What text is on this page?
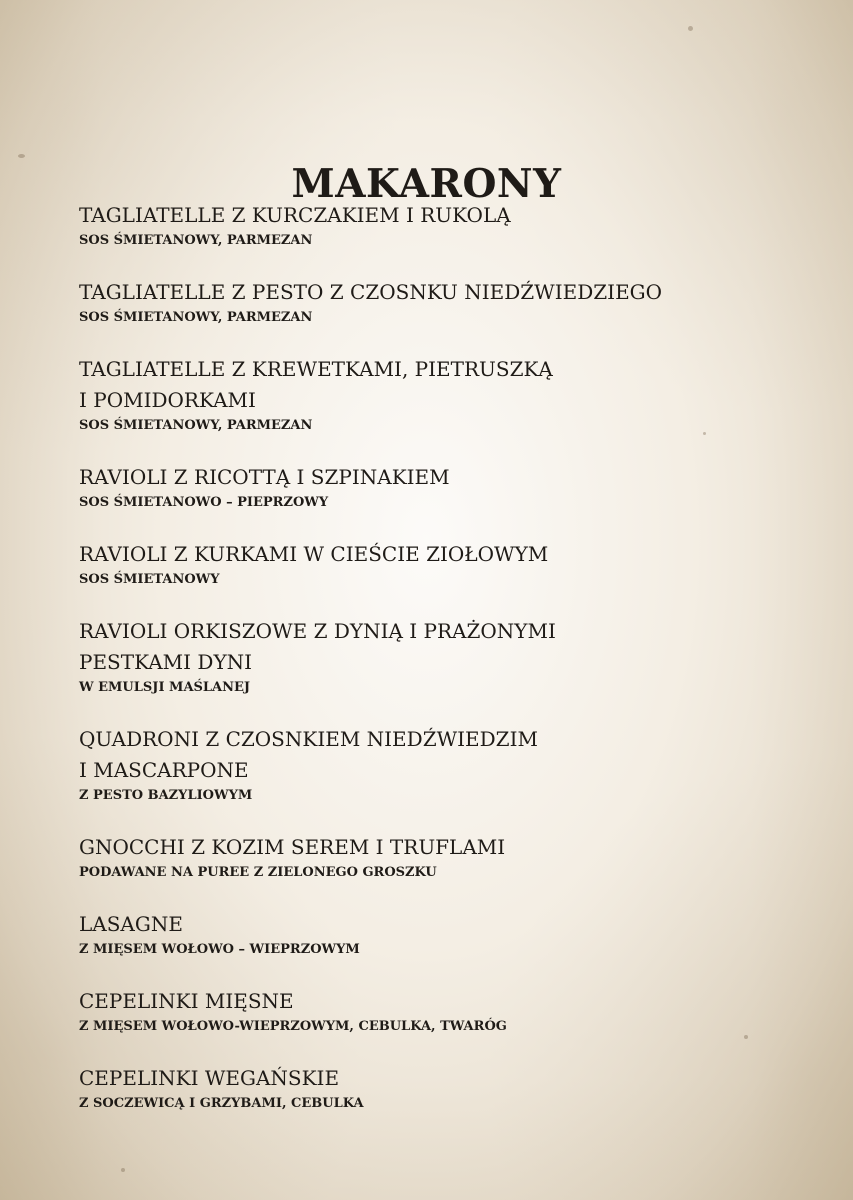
MAKARONY
TAGLIATELLE Z KURCZAKIEM I RUKOLĄ
SOS ŚMIETANOWY, PARMEZAN
TAGLIATELLE Z PESTO Z CZOSNKU NIEDŹWIEDZIEGO
SOS ŚMIETANOWY, PARMEZAN
TAGLIATELLE Z KREWETKAMI, PIETRUSZKĄ
I POMIDORKAMI
SOS ŚMIETANOWY, PARMEZAN
RAVIOLI Z RICOTTĄ I SZPINAKIEM
SOS ŚMIETANOWO – PIEPRZOWY
RAVIOLI Z KURKAMI W CIEŚCIE ZIOŁOWYM
SOS ŚMIETANOWY
RAVIOLI ORKISZOWE Z DYNIĄ I PRAŻONYMI
PESTKAMI DYNI
W EMULSJI MAŚLANEJ
QUADRONI Z CZOSNKIEM NIEDŹWIEDZIM
I MASCARPONE
Z PESTO BAZYLIOWYM
GNOCCHI Z KOZIM SEREM I TRUFLAMI
PODAWANE NA PUREE Z ZIELONEGO GROSZKU
LASAGNE
Z MIĘSEM WOŁOWO – WIEPRZOWYM
CEPELINKI MIĘSNE
Z MIĘSEM WOŁOWO-WIEPRZOWYM, CEBULKA, TWARÓG
CEPELINKI WEGAŃSKIE
Z SOCZEWICĄ I GRZYBAMI, CEBULKA
